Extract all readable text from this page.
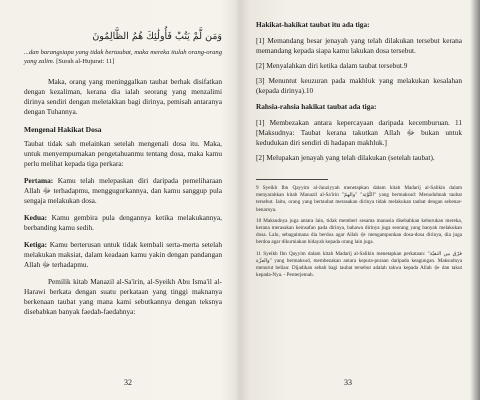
وَمَن لَّمْ يَتُبْ فَأُولَٰئِكَ هُمُ الظَّالِمُونَ

...dan barangsiapa yang tidak bertaubat, maka mereka itulah orang-orang yang zalim. [Surah al-Hujurat: 11]

Maka, orang yang meninggalkan taubat berhak disifatkan dengan kezaliman, kerana dia ialah seorang yang menzalimi dirinya sendiri dengan meletakkan bagi dirinya, pemisah antaranya dengan Tuhannya.

Mengenal Hakikat Dosa

Taubat tidak sah melainkan setelah mengenali dosa itu. Maka, untuk menyempurnakan pengetahuanmu tentang dosa, maka kamu perlu melihat kepada tiga perkara:

Pertama: Kamu telah melepaskan diri daripada pemeliharaan Allah ﷻ terhadapmu, menggugurkannya, dan kamu sanggup pula sengaja melakukan dosa.

Kedua: Kamu gembira pula dengannya ketika melakukannya, berbanding kamu sedih.

Ketiga: Kamu berterusan untuk tidak kembali serta-merta setelah melakukan maksiat, dalam keadaan kamu yakin dengan pandangan Allah ﷻ terhadapmu.

Pemilik kitab Manazil al-Sa'irin, al-Syeikh Abu Isma'il al-Harawi berkata dengan suatu perkataan yang tinggi maknanya berkenaan taubat yang mana kami sebutkannya dengan teksnya disebabkan banyak faedah-faedahnya:

32
Hakikat-hakikat taubat itu ada tiga:

[1] Memandang besar jenayah yang telah dilakukan tersebut kerana memandang kepada siapa kamu lakukan dosa tersebut.

[2] Menyalahkan diri ketika dalam taubat tersebut.9

[3] Menuntut keuzuran pada makhluk yang melakukan kesalahan (kepada dirinya).10

Rahsia-rahsia hakikat taubat ada tiga:

[1] Membezakan antara kepercayaan daripada kecemburuan. 11 [Maksudnya: Taubat kerana takutkan Allah ﷻ bukan untuk kedudukan diri sendiri di hadapan makhluk.]

[2] Melupakan jenayah yang telah dilakukan (setelah taubat).

9 Syeikh Ibn Qayyim al-Jauziyyah menetapkan dalam kitab Madarij al-Salikin dalam menyarahkan kitab Manazil al-Sa'irin "التَّوْبَة" "والهمّ" yang bermaksud: Menuduhnah taubat tersebut. Iaitu, orang yang bertaubat merasakan dirinya tidak melakukan taubat dengan sebenar-benarnya.

10 Maksudnya juga antara lain, tidak memberi sesama manusia disebabkan keburukan mereka, kerana merasakan keinsafan pada dirinya, bahawa dirinya juga seorang yang banyak melakukan dosa. Lalu, sebagaimana dia berdoa agar Allah ﷻ mengampunkan dosa-dosa dirinya, dia juga berdoa agar dikurniakan hidayah kepada orang lain juga.

11 Syeikh Ibn Qayyim dalam kitab Madarij al-Salikin menetapkan perkataan: "فرّق بين التقيّة والعزّة" yang bermaksud, membezakan antara kepura-puraan daripada keagungan. Maksudnya menurut beliau: Dijadikan sebab bagi taubat tersebut adalah takwa kepada Allah ﷻ dan takut kepada-Nya. - Penterjemah.

33
